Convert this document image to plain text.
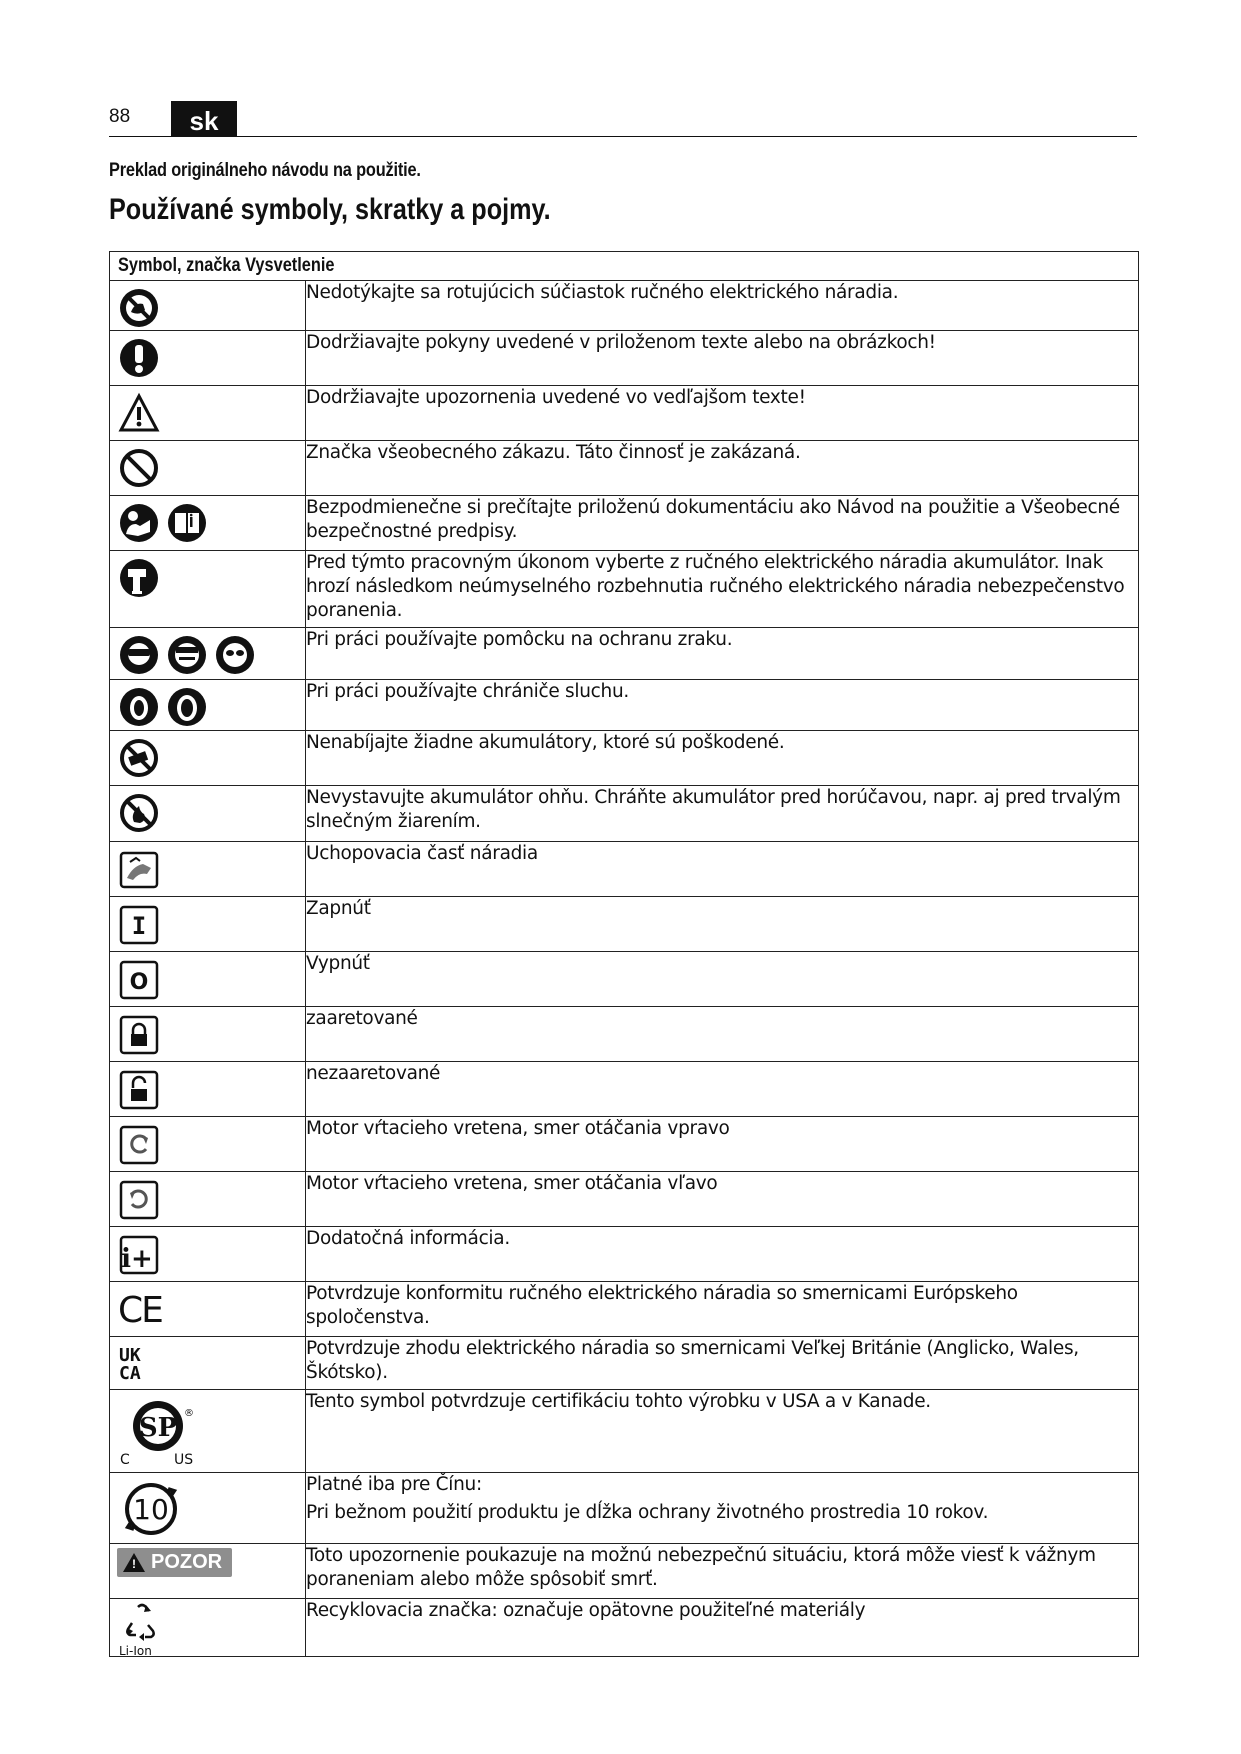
88	sk
Preklad originálneho návodu na použitie.
Používané symboly, skratky a pojmy.
Symbol, značka Vysvetlenie	

Nedotýkajte sa rotujúcich súčiastok ručného elektrického náradia.

Dodržiavajte pokyny uvedené v priloženom texte alebo na obrázkoch!

Dodržiavajte upozornenia uvedené vo vedľajšom texte!

Značka všeobecného zákazu. Táto činnosť je zakázaná.

Bezpodmienečne si prečítajte priloženú dokumentáciu ako Návod na použitie a Všeobecné bezpečnostné predpisy.

Pred týmto pracovným úkonom vyberte z ručného elektrického náradia akumulátor. Inak hrozí následkom neúmyselného rozbehnutia ručného elektrického náradia nebezpečenstvo poranenia.

Pri práci používajte pomôcku na ochranu zraku.

Pri práci používajte chrániče sluchu.

Nenabíjajte žiadne akumulátory, ktoré sú poškodené.

Nevystavujte akumulátor ohňu. Chráňte akumulátor pred horúčavou, napr. aj pred trvalým slnečným žiarením.

Uchopovacia časť náradia

I	Zapnúť

O	Vypnúť

zaaretované

nezaaretované

Motor vŕtacieho vretena, smer otáčania vpravo

Motor vŕtacieho vretena, smer otáčania vľavo

i+	Dodatočná informácia.

CE	Potvrdzuje konformitu ručného elektrického náradia so smernicami Európskeho spoločenstva.

UK
CA	Potvrdzuje zhodu elektrického náradia so smernicami Veľkej Británie (Anglicko, Wales, Škótsko).

SP ®
C US	Tento symbol potvrdzuje certifikáciu tohto výrobku v USA a v Kanade.

10	Platné iba pre Čínu:

Pri bežnom použití produktu je dĺžka ochrany životného prostredia 10 rokov.

! POZOR	Toto upozornenie poukazuje na možnú nebezpečnú situáciu, ktorá môže viesť k vážnym poraneniam alebo môže spôsobiť smrť.

Li-Ion	Recyklovacia značka: označuje opätovne použiteľné materiály
